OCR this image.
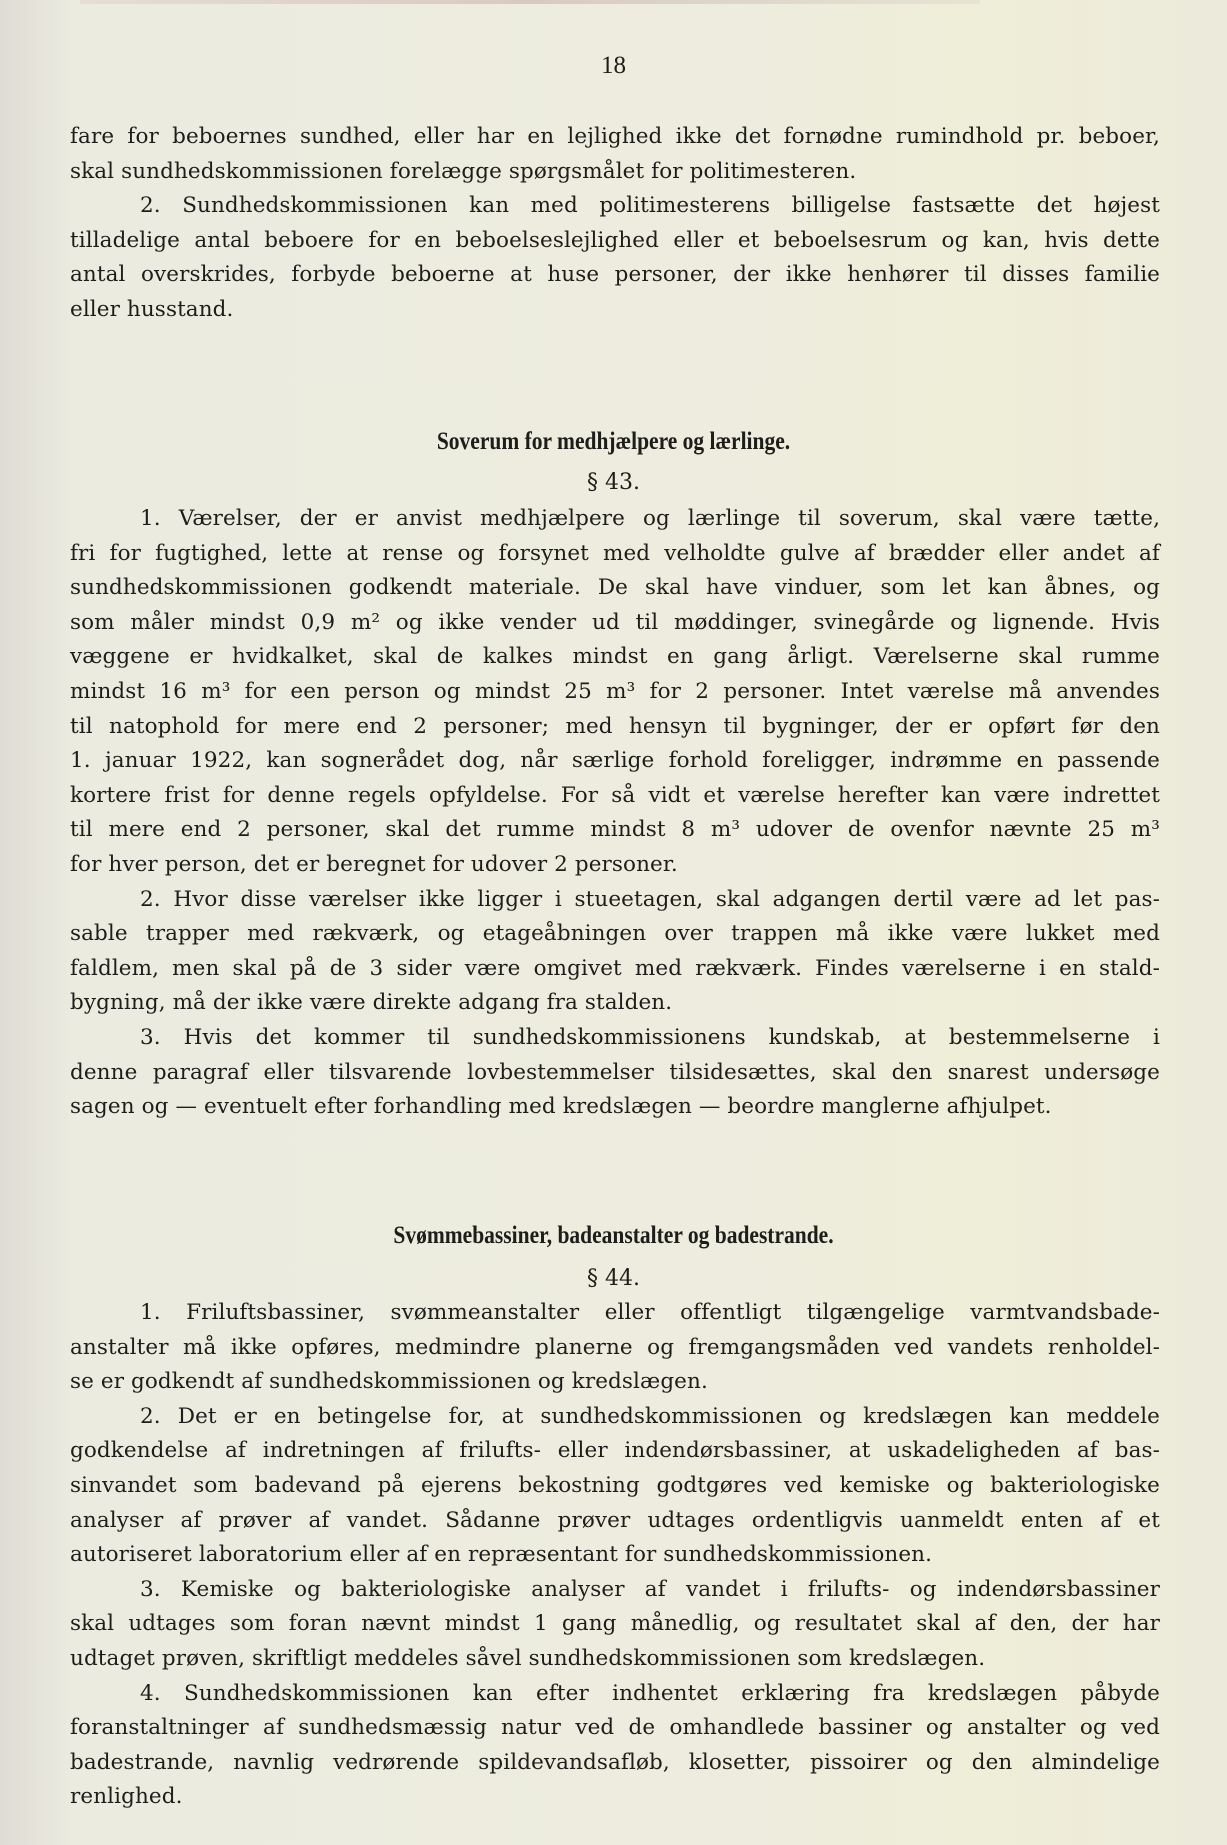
18
fare for beboernes sundhed, eller har en lejlighed ikke det fornødne rumindhold pr. beboer,
skal sundhedskommissionen forelægge spørgsmålet for politimesteren.
2. Sundhedskommissionen kan med politimesterens billigelse fastsætte det højest
tilladelige antal beboere for en beboelseslejlighed eller et beboelsesrum og kan, hvis dette
antal overskrides, forbyde beboerne at huse personer, der ikke henhører til disses familie
eller husstand.
Soverum for medhjælpere og lærlinge.
§ 43.
1. Værelser, der er anvist medhjælpere og lærlinge til soverum, skal være tætte,
fri for fugtighed, lette at rense og forsynet med velholdte gulve af brædder eller andet af
sundhedskommissionen godkendt materiale. De skal have vinduer, som let kan åbnes, og
som måler mindst 0,9 m² og ikke vender ud til møddinger, svinegårde og lignende. Hvis
væggene er hvidkalket, skal de kalkes mindst en gang årligt. Værelserne skal rumme
mindst 16 m³ for een person og mindst 25 m³ for 2 personer. Intet værelse må anvendes
til natophold for mere end 2 personer; med hensyn til bygninger, der er opført før den
1. januar 1922, kan sognerådet dog, når særlige forhold foreligger, indrømme en passende
kortere frist for denne regels opfyldelse. For så vidt et værelse herefter kan være indrettet
til mere end 2 personer, skal det rumme mindst 8 m³ udover de ovenfor nævnte 25 m³
for hver person, det er beregnet for udover 2 personer.
2. Hvor disse værelser ikke ligger i stueetagen, skal adgangen dertil være ad let pas-
sable trapper med rækværk, og etageåbningen over trappen må ikke være lukket med
faldlem, men skal på de 3 sider være omgivet med rækværk. Findes værelserne i en stald-
bygning, må der ikke være direkte adgang fra stalden.
3. Hvis det kommer til sundhedskommissionens kundskab, at bestemmelserne i
denne paragraf eller tilsvarende lovbestemmelser tilsidesættes, skal den snarest undersøge
sagen og — eventuelt efter forhandling med kredslægen — beordre manglerne afhjulpet.
Svømmebassiner, badeanstalter og badestrande.
§ 44.
1. Friluftsbassiner, svømmeanstalter eller offentligt tilgængelige varmtvandsbade-
anstalter må ikke opføres, medmindre planerne og fremgangsmåden ved vandets renholdel-
se er godkendt af sundhedskommissionen og kredslægen.
2. Det er en betingelse for, at sundhedskommissionen og kredslægen kan meddele
godkendelse af indretningen af frilufts- eller indendørsbassiner, at uskadeligheden af bas-
sinvandet som badevand på ejerens bekostning godtgøres ved kemiske og bakteriologiske
analyser af prøver af vandet. Sådanne prøver udtages ordentligvis uanmeldt enten af et
autoriseret laboratorium eller af en repræsentant for sundhedskommissionen.
3. Kemiske og bakteriologiske analyser af vandet i frilufts- og indendørsbassiner
skal udtages som foran nævnt mindst 1 gang månedlig, og resultatet skal af den, der har
udtaget prøven, skriftligt meddeles såvel sundhedskommissionen som kredslægen.
4. Sundhedskommissionen kan efter indhentet erklæring fra kredslægen påbyde
foranstaltninger af sundhedsmæssig natur ved de omhandlede bassiner og anstalter og ved
badestrande, navnlig vedrørende spildevandsafløb, klosetter, pissoirer og den almindelige
renlighed.
